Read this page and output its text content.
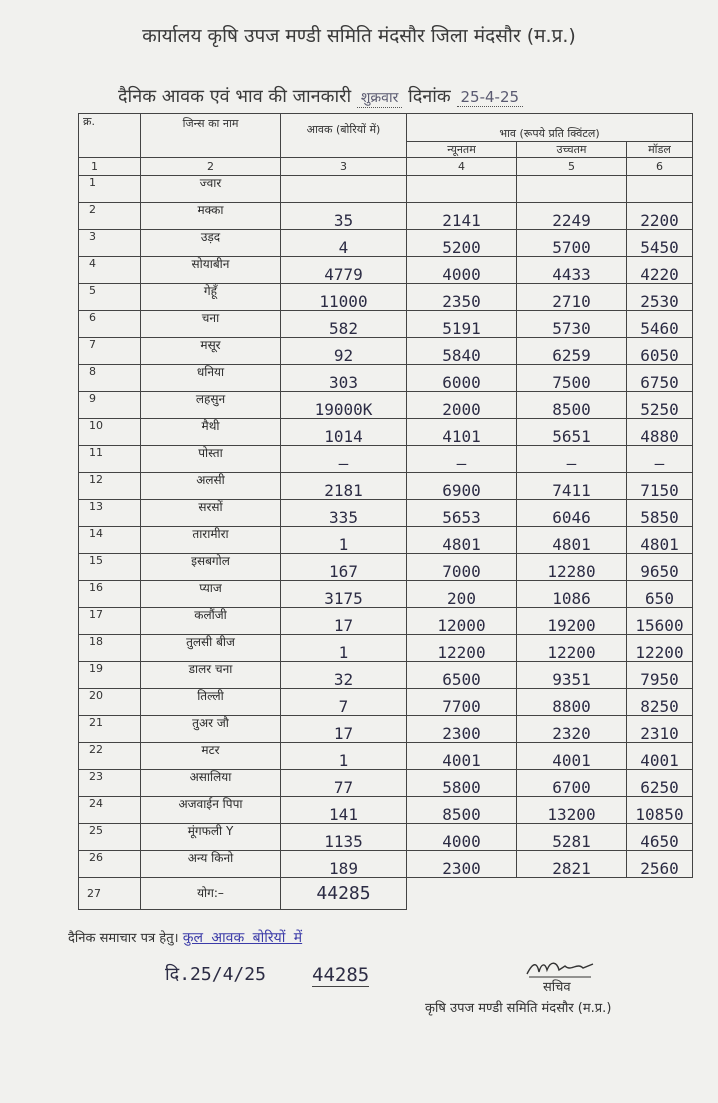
कार्यालय कृषि उपज मण्डी समिति मंदसौर जिला मंदसौर (म.प्र.)
दैनिक आवक एवं भाव की जानकारी शुक्रवार दिनांक 25-4-25
क्र.	जिन्स का नाम	आवक (बोरियों में)	भाव (रूपये प्रति क्विंटल)		
			न्यूनतम	उच्चतम	मॉडल
1	2	3	4	5	6
1	ज्वार				
2	मक्का	35	2141	2249	2200
3	उड़द	4	5200	5700	5450
4	सोयाबीन	4779	4000	4433	4220
5	गेहूँ	11000	2350	2710	2530
6	चना	582	5191	5730	5460
7	मसूर	92	5840	6259	6050
8	धनिया	303	6000	7500	6750
9	लहसुन	19000K	2000	8500	5250
10	मैथी	1014	4101	5651	4880
11	पोस्ता	—	—	—	—
12	अलसी	2181	6900	7411	7150
13	सरसों	335	5653	6046	5850
14	तारामीरा	1	4801	4801	4801
15	इसबगोल	167	7000	12280	9650
16	प्याज	3175	200	1086	650
17	कलौंजी	17	12000	19200	15600
18	तुलसी बीज	1	12200	12200	12200
19	डालर चना	32	6500	9351	7950
20	तिल्ली	7	7700	8800	8250
21	तुअर जौ	17	2300	2320	2310
22	मटर	1	4001	4001	4001
23	असालिया	77	5800	6700	6250
24	अजवाईन पिपा	141	8500	13200	10850
25	मूंगफली Y	1135	4000	5281	4650
26	अन्य किनो	189	2300	2821	2560
27	योग:–	44285			
दैनिक समाचार पत्र हेतु। कुल आवक बोरियों में
दि.25/4/25 44285
सचिव
कृषि उपज मण्डी समिति मंदसौर (म.प्र.)
